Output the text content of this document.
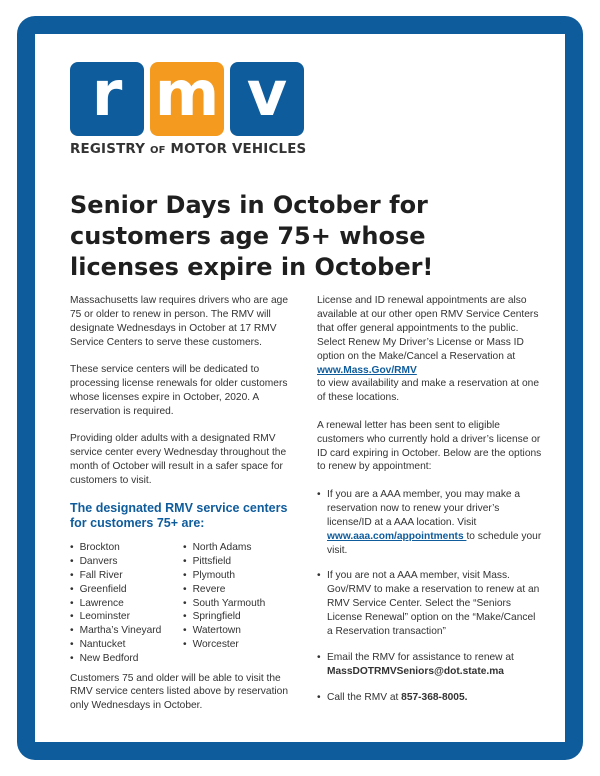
r m v
REGISTRY OF MOTOR VEHICLES
Senior Days in October for customers age 75+ whose licenses expire in October!

Massachusetts law requires drivers who are age 75 or older to renew in person. The RMV will designate Wednesdays in October at 17 RMV Service Centers to serve these customers.

These service centers will be dedicated to processing license renewals for older customers whose licenses expire in October, 2020. A reservation is required.

Providing older adults with a designated RMV service center every Wednesday throughout the month of October will result in a safer space for customers to visit.

The designated RMV service centers for customers 75+ are:
• Brockton
• Danvers
• Fall River
• Greenfield
• Lawrence
• Leominster
• Martha’s Vineyard
• Nantucket
• New Bedford
• North Adams
• Pittsfield
• Plymouth
• Revere
• South Yarmouth
• Springfield
• Watertown
• Worcester

Customers 75 and older will be able to visit the RMV service centers listed above by reservation only Wednesdays in October.

License and ID renewal appointments are also available at our other open RMV Service Centers that offer general appointments to the public. Select Renew My Driver’s License or Mass ID option on the Make/Cancel a Reservation at
www.Mass.Gov/RMV
to view availability and make a reservation at one of these locations.

A renewal letter has been sent to eligible customers who currently hold a driver’s license or ID card expiring in October. Below are the options to renew by appointment:

• If you are a AAA member, you may make a reservation now to renew your driver’s license/ID at a AAA location. Visit www.aaa.com/appointments to schedule your visit.
• If you are not a AAA member, visit Mass. Gov/RMV to make a reservation to renew at an RMV Service Center. Select the “Seniors License Renewal” option on the “Make/Cancel a Reservation transaction”
• Email the RMV for assistance to renew at
MassDOTRMVSeniors@dot.state.ma
• Call the RMV at 857-368-8005.
